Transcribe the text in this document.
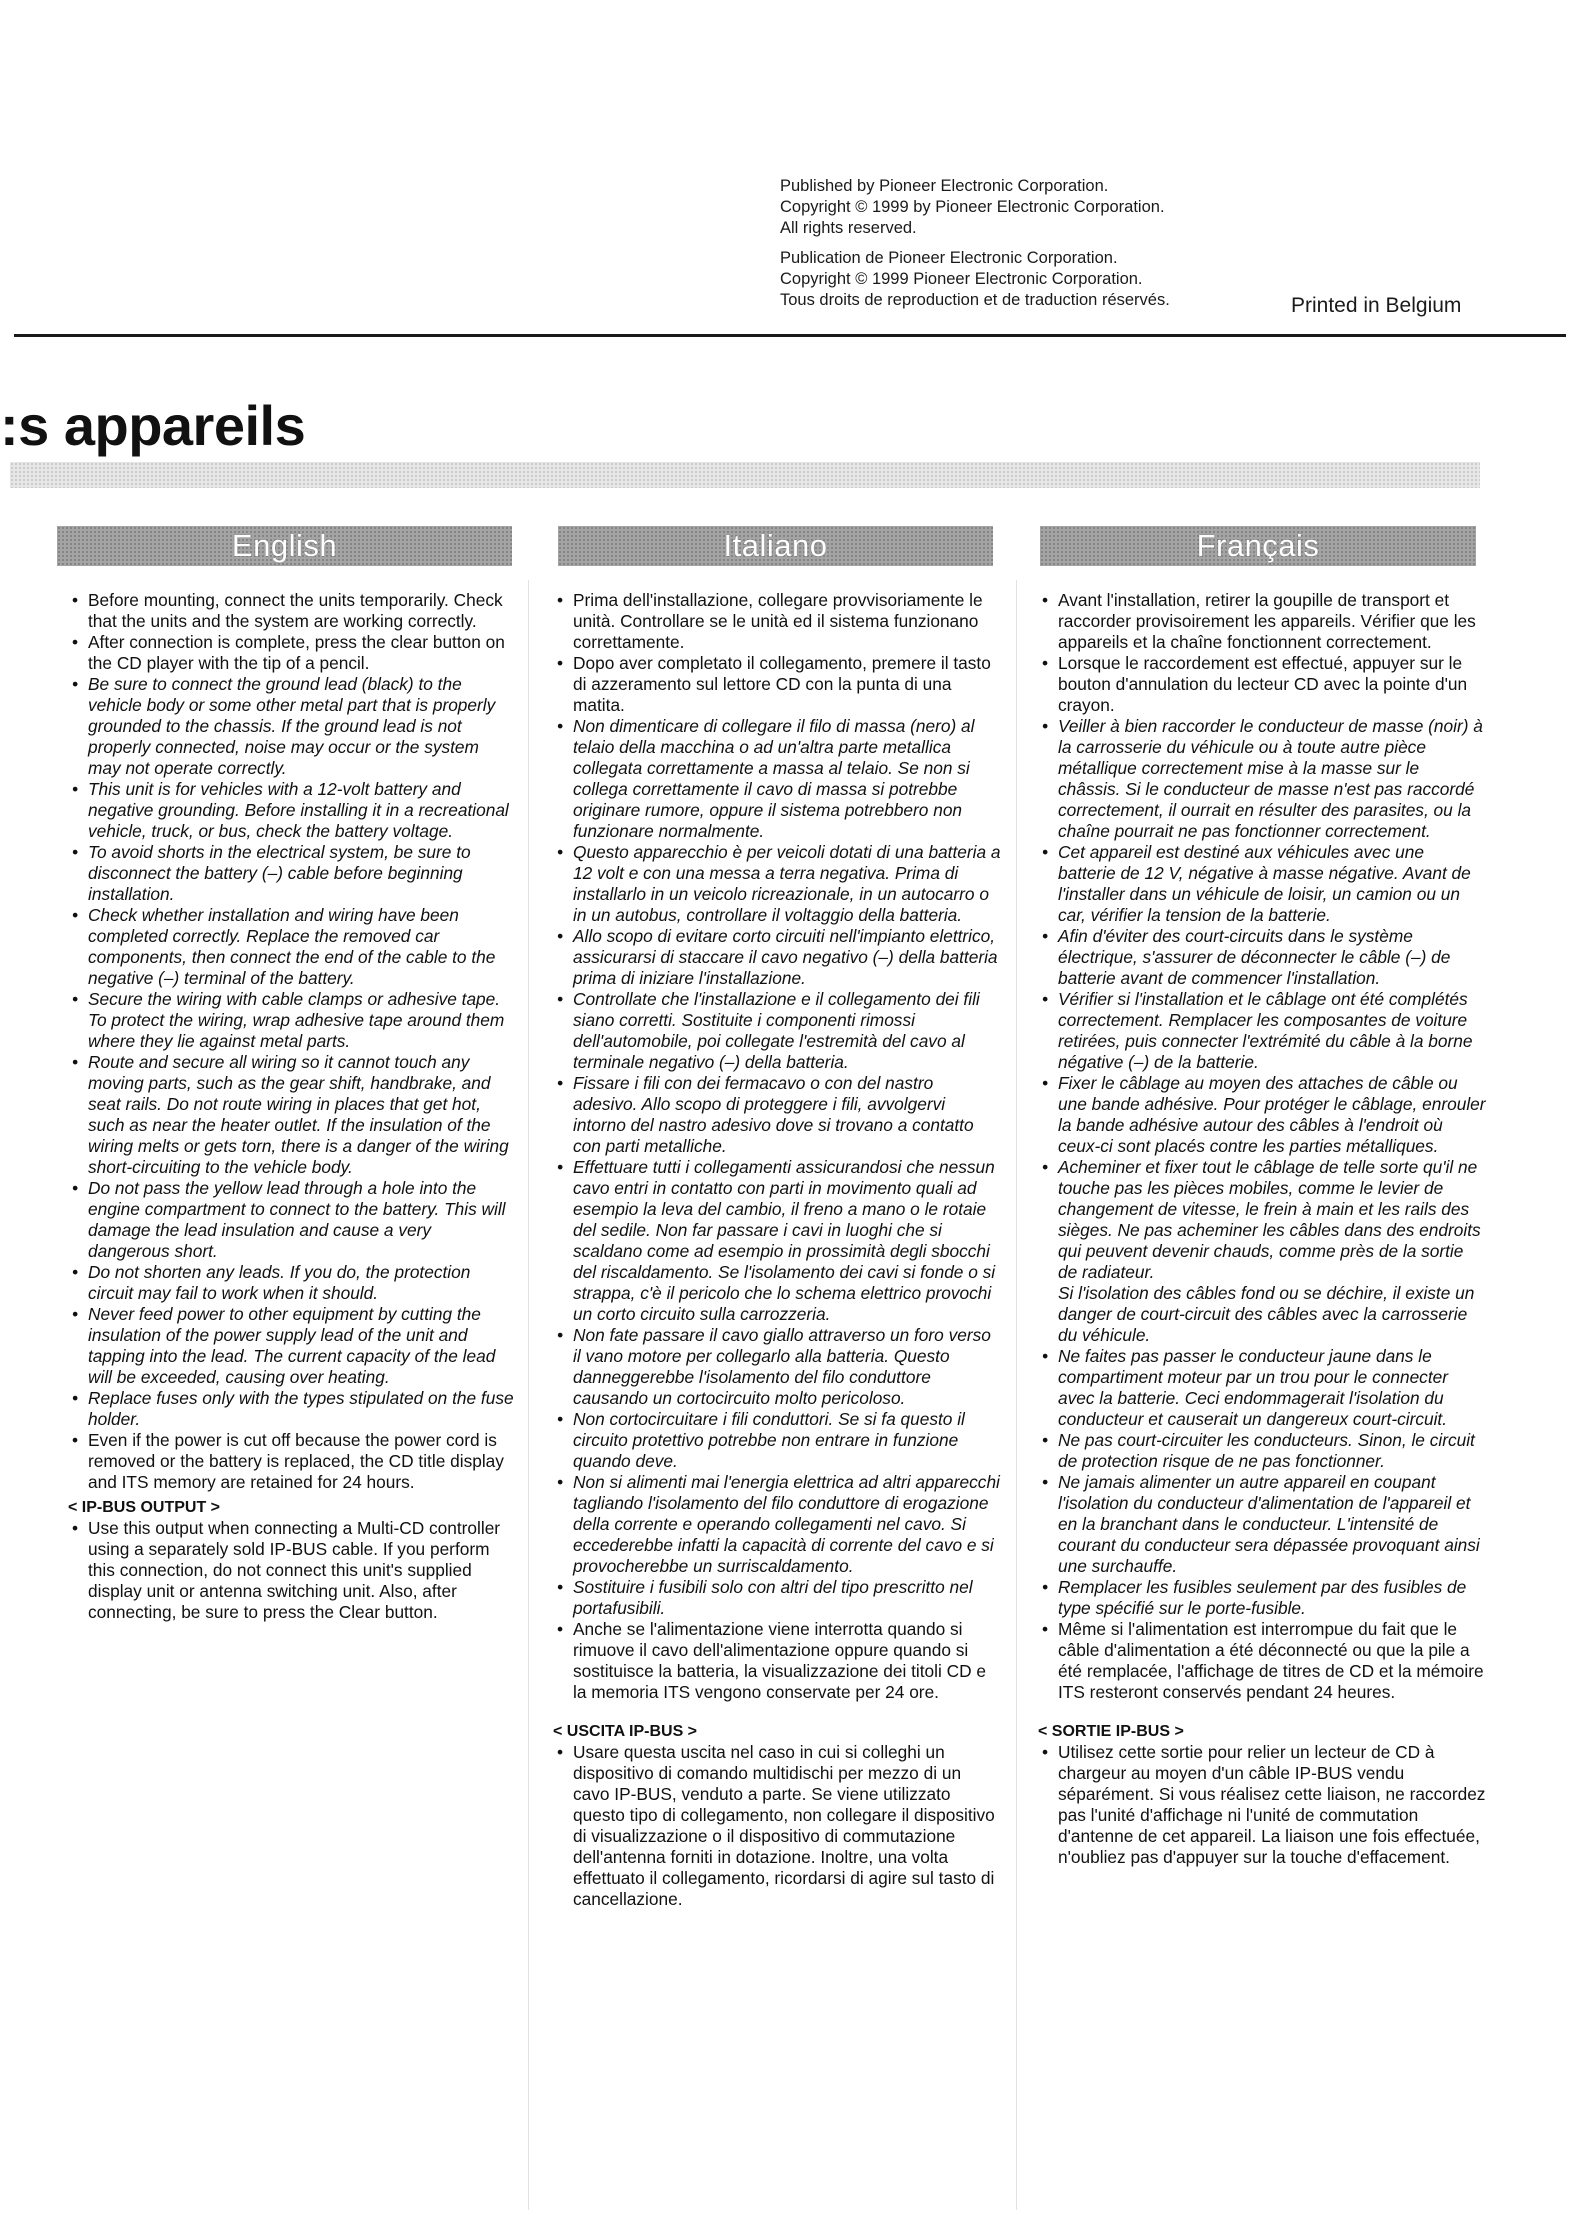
Published by Pioneer Electronic Corporation.

Copyright © 1999 by Pioneer Electronic Corporation.

All rights reserved.

Publication de Pioneer Electronic Corporation.

Copyright © 1999 Pioneer Electronic Corporation.

Tous droits de reproduction et de traduction réservés.	Printed in Belgium
:s appareils
English	Italiano	Français
• Before mounting, connect the units temporarily. Check that the units and the system are working correctly.
• After connection is complete, press the clear button on the CD player with the tip of a pencil.
• Be sure to connect the ground lead (black) to the vehicle body or some other metal part that is properly grounded to the chassis. If the ground lead is not properly connected, noise may occur or the system may not operate correctly.
• This unit is for vehicles with a 12-volt battery and negative grounding. Before installing it in a recreational vehicle, truck, or bus, check the battery voltage.
• To avoid shorts in the electrical system, be sure to disconnect the battery (–) cable before beginning installation.
• Check whether installation and wiring have been completed correctly. Replace the removed car components, then connect the end of the cable to the negative (–) terminal of the battery.
• Secure the wiring with cable clamps or adhesive tape. To protect the wiring, wrap adhesive tape around them where they lie against metal parts.
• Route and secure all wiring so it cannot touch any moving parts, such as the gear shift, handbrake, and seat rails. Do not route wiring in places that get hot, such as near the heater outlet. If the insulation of the wiring melts or gets torn, there is a danger of the wiring short-circuiting to the vehicle body.
• Do not pass the yellow lead through a hole into the engine compartment to connect to the battery. This will damage the lead insulation and cause a very dangerous short.
• Do not shorten any leads. If you do, the protection circuit may fail to work when it should.
• Never feed power to other equipment by cutting the insulation of the power supply lead of the unit and tapping into the lead. The current capacity of the lead will be exceeded, causing over heating.
• Replace fuses only with the types stipulated on the fuse holder.
• Even if the power is cut off because the power cord is removed or the battery is replaced, the CD title display and ITS memory are retained for 24 hours.
< IP-BUS OUTPUT >
• Use this output when connecting a Multi-CD controller using a separately sold IP-BUS cable. If you perform this connection, do not connect this unit's supplied display unit or antenna switching unit. Also, after connecting, be sure to press the Clear button.
• Prima dell'installazione, collegare provvisoriamente le unità. Controllare se le unità ed il sistema funzionano correttamente.
• Dopo aver completato il collegamento, premere il tasto di azzeramento sul lettore CD con la punta di una matita.
• Non dimenticare di collegare il filo di massa (nero) al telaio della macchina o ad un'altra parte metallica collegata correttamente a massa al telaio. Se non si collega correttamente il cavo di massa si potrebbe originare rumore, oppure il sistema potrebbero non funzionare normalmente.
• Questo apparecchio è per veicoli dotati di una batteria a 12 volt e con una messa a terra negativa. Prima di installarlo in un veicolo ricreazionale, in un autocarro o in un autobus, controllare il voltaggio della batteria.
• Allo scopo di evitare corto circuiti nell'impianto elettrico, assicurarsi di staccare il cavo negativo (–) della batteria prima di iniziare l'installazione.
• Controllate che l'installazione e il collegamento dei fili siano corretti. Sostituite i componenti rimossi dell'automobile, poi collegate l'estremità del cavo al terminale negativo (–) della batteria.
• Fissare i fili con dei fermacavo o con del nastro adesivo. Allo scopo di proteggere i fili, avvolgervi intorno del nastro adesivo dove si trovano a contatto con parti metalliche.
• Effettuare tutti i collegamenti assicurandosi che nessun cavo entri in contatto con parti in movimento quali ad esempio la leva del cambio, il freno a mano o le rotaie del sedile. Non far passare i cavi in luoghi che si scaldano come ad esempio in prossimità degli sbocchi del riscaldamento. Se l'isolamento dei cavi si fonde o si strappa, c'è il pericolo che lo schema elettrico provochi un corto circuito sulla carrozzeria.
• Non fate passare il cavo giallo attraverso un foro verso il vano motore per collegarlo alla batteria. Questo danneggerebbe l'isolamento del filo conduttore causando un cortocircuito molto pericoloso.
• Non cortocircuitare i fili conduttori. Se si fa questo il circuito protettivo potrebbe non entrare in funzione quando deve.
• Non si alimenti mai l'energia elettrica ad altri apparecchi tagliando l'isolamento del filo conduttore di erogazione della corrente e operando collegamenti nel cavo. Si eccederebbe infatti la capacità di corrente del cavo e si provocherebbe un surriscaldamento.
• Sostituire i fusibili solo con altri del tipo prescritto nel portafusibili.
• Anche se l'alimentazione viene interrotta quando si rimuove il cavo dell'alimentazione oppure quando si sostituisce la batteria, la visualizzazione dei titoli CD e la memoria ITS vengono conservate per 24 ore.
< USCITA IP-BUS >
• Usare questa uscita nel caso in cui si colleghi un dispositivo di comando multidischi per mezzo di un cavo IP-BUS, venduto a parte. Se viene utilizzato questo tipo di collegamento, non collegare il dispositivo di visualizzazione o il dispositivo di commutazione dell'antenna forniti in dotazione. Inoltre, una volta effettuato il collegamento, ricordarsi di agire sul tasto di cancellazione.
• Avant l'installation, retirer la goupille de transport et raccorder provisoirement les appareils. Vérifier que les appareils et la chaîne fonctionnent correctement.
• Lorsque le raccordement est effectué, appuyer sur le bouton d'annulation du lecteur CD avec la pointe d'un crayon.
• Veiller à bien raccorder le conducteur de masse (noir) à la carrosserie du véhicule ou à toute autre pièce métallique correctement mise à la masse sur le châssis. Si le conducteur de masse n'est pas raccordé correctement, il ourrait en résulter des parasites, ou la chaîne pourrait ne pas fonctionner correctement.
• Cet appareil est destiné aux véhicules avec une batterie de 12 V, négative à masse négative. Avant de l'installer dans un véhicule de loisir, un camion ou un car, vérifier la tension de la batterie.
• Afin d'éviter des court-circuits dans le système électrique, s'assurer de déconnecter le câble (–) de batterie avant de commencer l'installation.
• Vérifier si l'installation et le câblage ont été complétés correctement. Remplacer les composantes de voiture retirées, puis connecter l'extrémité du câble à la borne négative (–) de la batterie.
• Fixer le câblage au moyen des attaches de câble ou une bande adhésive. Pour protéger le câblage, enrouler la bande adhésive autour des câbles à l'endroit où ceux-ci sont placés contre les parties métalliques.

• Acheminer et fixer tout le câblage de telle sorte qu'il ne touche pas les pièces mobiles, comme le levier de changement de vitesse, le frein à main et les rails des sièges. Ne pas acheminer les câbles dans des endroits qui peuvent devenir chauds, comme près de la sortie de radiateur.

Si l'isolation des câbles fond ou se déchire, il existe un danger de court-circuit des câbles avec la carrosserie du véhicule.

• Ne faites pas passer le conducteur jaune dans le compartiment moteur par un trou pour le connecter avec la batterie. Ceci endommagerait l'isolation du conducteur et causerait un dangereux court-circuit.
• Ne pas court-circuiter les conducteurs. Sinon, le circuit de protection risque de ne pas fonctionner.
• Ne jamais alimenter un autre appareil en coupant l'isolation du conducteur d'alimentation de l'appareil et en la branchant dans le conducteur. L'intensité de courant du conducteur sera dépassée provoquant ainsi une surchauffe.
• Remplacer les fusibles seulement par des fusibles de type spécifié sur le porte-fusible.
• Même si l'alimentation est interrompue du fait que le câble d'alimentation a été déconnecté ou que la pile a été remplacée, l'affichage de titres de CD et la mémoire ITS resteront conservés pendant 24 heures.
< SORTIE IP-BUS >
• Utilisez cette sortie pour relier un lecteur de CD à chargeur au moyen d'un câble IP-BUS vendu séparément. Si vous réalisez cette liaison, ne raccordez pas l'unité d'affichage ni l'unité de commutation d'antenne de cet appareil. La liaison une fois effectuée, n'oubliez pas d'appuyer sur la touche d'effacement.
